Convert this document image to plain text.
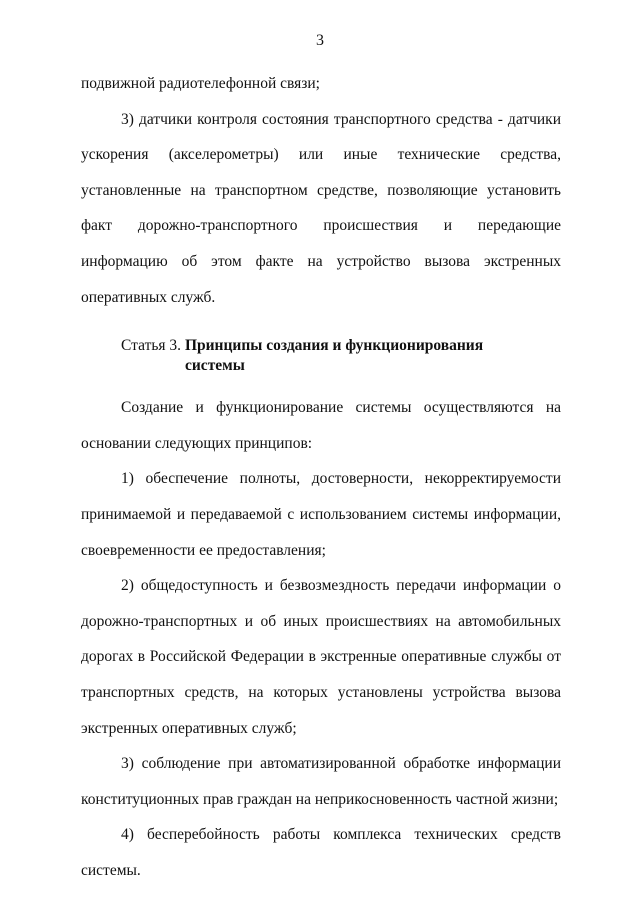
3

подвижной радиотелефонной связи;

3) датчики контроля состояния транспортного средства - датчики ускорения (акселерометры) или иные технические средства, установленные на транспортном средстве, позволяющие установить факт дорожно-транспортного происшествия и передающие информацию об этом факте на устройство вызова экстренных оперативных служб.

Статья 3. Принципы создания и функционирования
системы

Создание и функционирование системы осуществляются на основании следующих принципов:

1) обеспечение полноты, достоверности, некорректируемости принимаемой и передаваемой с использованием системы информации, своевременности ее предоставления;

2) общедоступность и безвозмездность передачи информации о дорожно-транспортных и об иных происшествиях на автомобильных дорогах в Российской Федерации в экстренные оперативные службы от транспортных средств, на которых установлены устройства вызова экстренных оперативных служб;

3) соблюдение при автоматизированной обработке информации конституционных прав граждан на неприкосновенность частной жизни;

4) бесперебойность работы комплекса технических средств системы.
